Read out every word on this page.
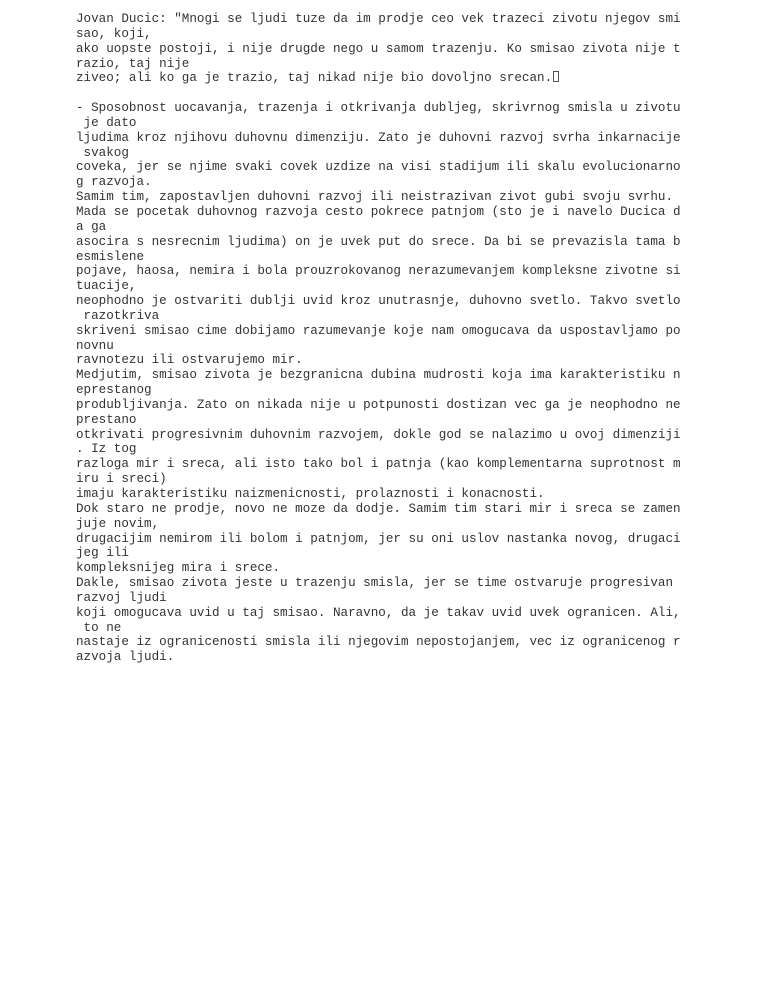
Jovan Ducic: "Mnogi se ljudi tuze da im prodje ceo vek trazeci zivotu njegov smi
sao, koji,
ako uopste postoji, i nije drugde nego u samom trazenju. Ko smisao zivota nije t
razio, taj nije
ziveo; ali ko ga je trazio, taj nikad nije bio dovoljno srecan.
- Sposobnost uocavanja, trazenja i otkrivanja dubljeg, skrivrnog smisla u zivotu
je dato
ljudima kroz njihovu duhovnu dimenziju. Zato je duhovni razvoj svrha inkarnacije
svakog
coveka, jer se njime svaki covek uzdize na visi stadijum ili skalu evolucionarno
g razvoja.
Samim tim, zapostavljen duhovni razvoj ili neistrazivan zivot gubi svoju svrhu.
Mada se pocetak duhovnog razvoja cesto pokrece patnjom (sto je i navelo Ducica d
a ga
asocira s nesrecnim ljudima) on je uvek put do srece. Da bi se prevazisla tama b
esmislene
pojave, haosa, nemira i bola prouzrokovanog nerazumevanjem kompleksne zivotne si
tuacije,
neophodno je ostvariti dublji uvid kroz unutrasnje, duhovno svetlo. Takvo svetlo
razotkriva
skriveni smisao cime dobijamo razumevanje koje nam omogucava da uspostavljamo po
novnu
ravnotezu ili ostvarujemo mir.
Medjutim, smisao zivota je bezgranicna dubina mudrosti koja ima karakteristiku n
eprestanog
produbljivanja. Zato on nikada nije u potpunosti dostizan vec ga je neophodno ne
prestano
otkrivati progresivnim duhovnim razvojem, dokle god se nalazimo u ovoj dimenziji
. Iz tog
razloga mir i sreca, ali isto tako bol i patnja (kao komplementarna suprotnost m
iru i sreci)
imaju karakteristiku naizmenicnosti, prolaznosti i konacnosti.
Dok staro ne prodje, novo ne moze da dodje. Samim tim stari mir i sreca se zamen
juje novim,
drugacijim nemirom ili bolom i patnjom, jer su oni uslov nastanka novog, drugaci
jeg ili
kompleksnijeg mira i srece.
Dakle, smisao zivota jeste u trazenju smisla, jer se time ostvaruje progresivan
razvoj ljudi
koji omogucava uvid u taj smisao. Naravno, da je takav uvid uvek ogranicen. Ali,
to ne
nastaje iz ogranicenosti smisla ili njegovim nepostojanjem, vec iz ogranicenog r
azvoja ljudi.
